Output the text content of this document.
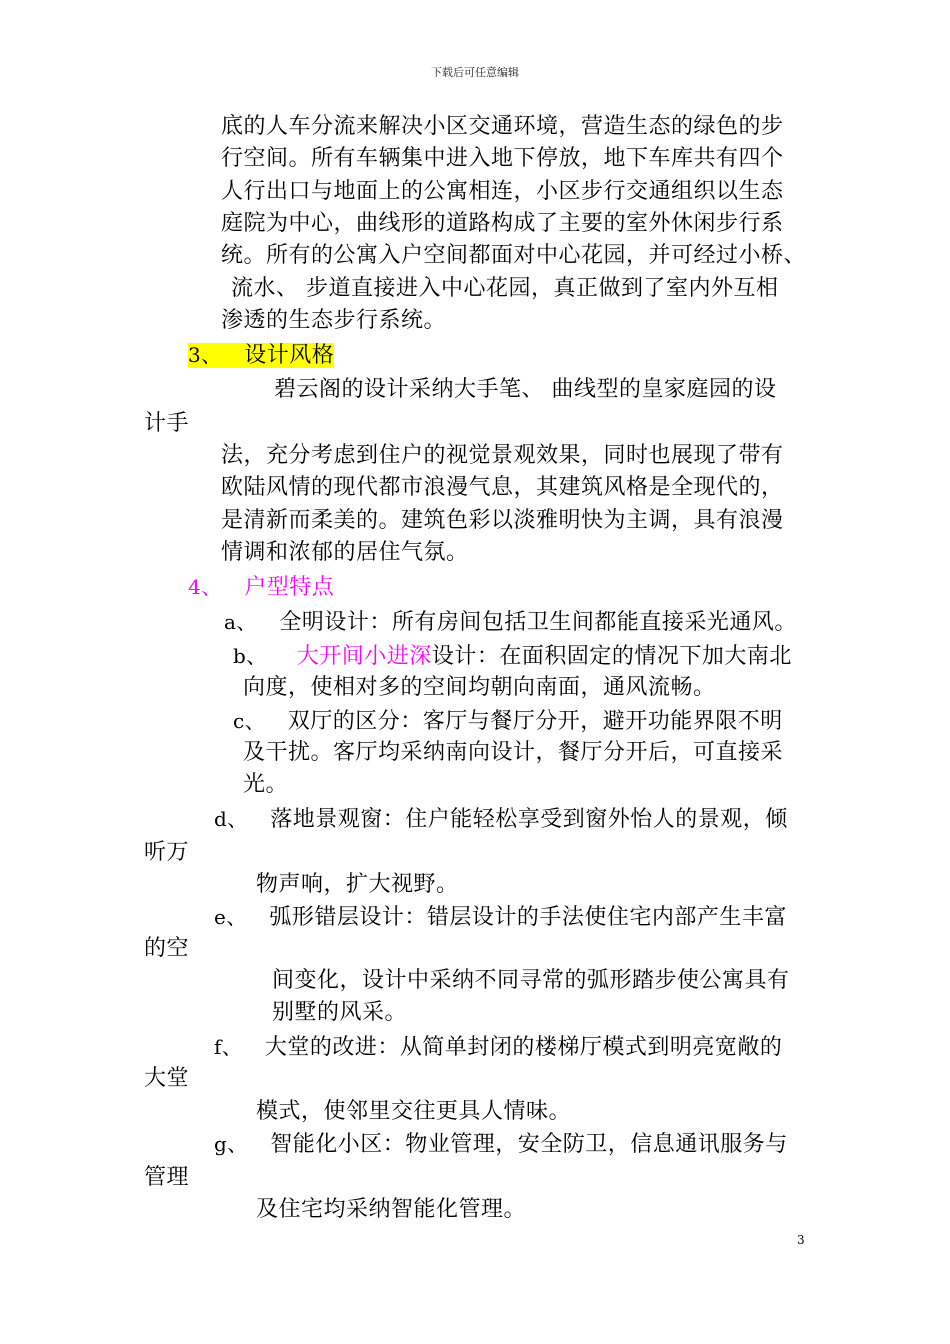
下载后可任意编辑
底的人车分流来解决小区交通环境，营造生态的绿色的步
行空间。所有车辆集中进入地下停放，地下车库共有四个
人行出口与地面上的公寓相连，小区步行交通组织以生态
庭院为中心，曲线形的道路构成了主要的室外休闲步行系
统。所有的公寓入户空间都面对中心花园，并可经过小桥、
流水、 步道直接进入中心花园，真正做到了室内外互相
渗透的生态步行系统。
3、 设计风格
碧云阁的设计采纳大手笔、 曲线型的皇家庭园的设
计手
法，充分考虑到住户的视觉景观效果，同时也展现了带有
欧陆风情的现代都市浪漫气息，其建筑风格是全现代的，
是清新而柔美的。建筑色彩以淡雅明快为主调，具有浪漫
情调和浓郁的居住气氛。
4、 户型特点
a、 全明设计：所有房间包括卫生间都能直接采光通风。
b、 大开间小进深设计：在面积固定的情况下加大南北
向度，使相对多的空间均朝向南面，通风流畅。
c、 双厅的区分：客厅与餐厅分开，避开功能界限不明
及干扰。客厅均采纳南向设计，餐厅分开后，可直接采
光。
d、 落地景观窗：住户能轻松享受到窗外怡人的景观，倾
听万
物声响，扩大视野。
e、 弧形错层设计：错层设计的手法使住宅内部产生丰富
的空
间变化，设计中采纳不同寻常的弧形踏步使公寓具有
别墅的风采。
f、 大堂的改进：从简单封闭的楼梯厅模式到明亮宽敞的
大堂
模式，使邻里交往更具人情味。
g、 智能化小区：物业管理，安全防卫，信息通讯服务与
管理
及住宅均采纳智能化管理。
3
